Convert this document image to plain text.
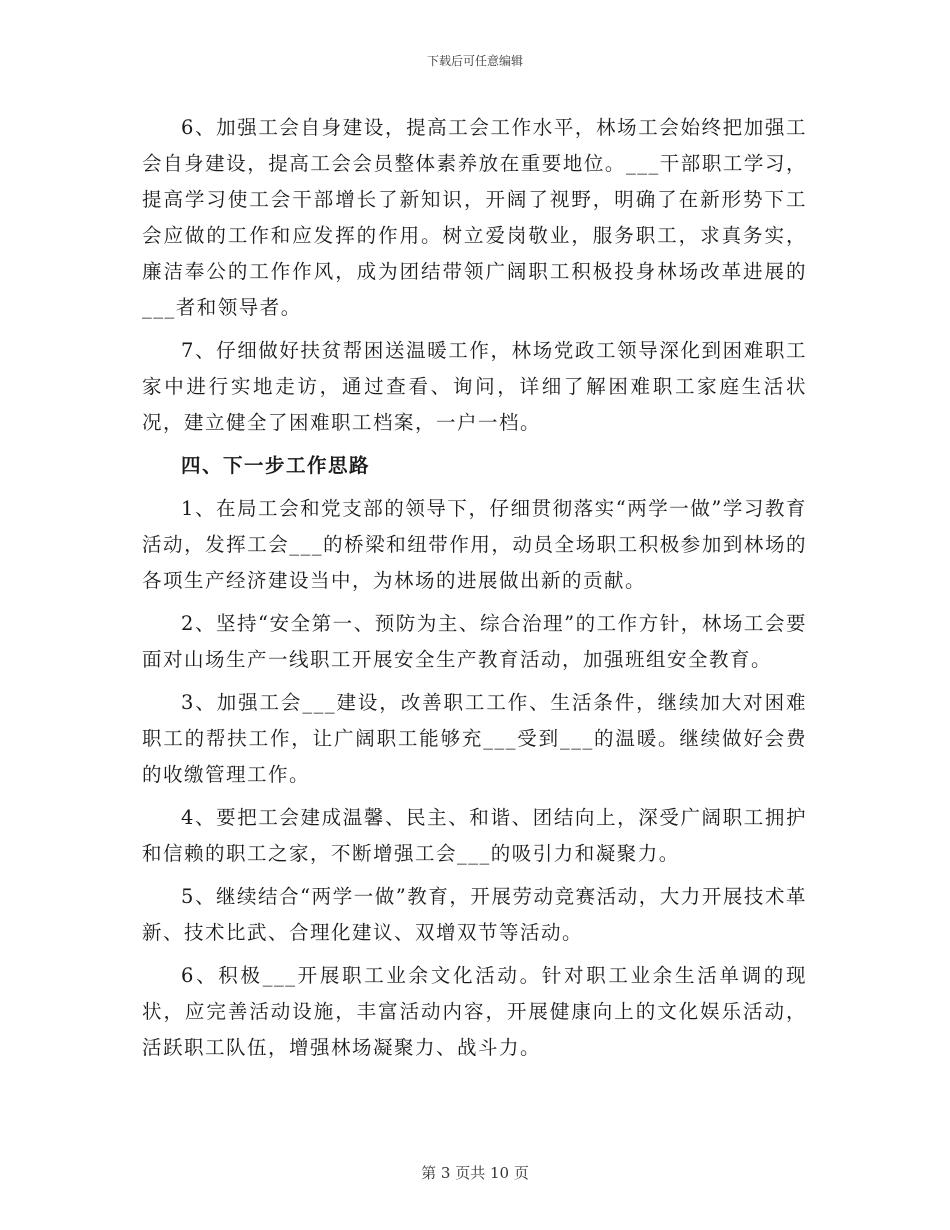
下载后可任意编辑

6、加强工会自身建设，提高工会工作水平，林场工会始终把加强工会自身建设，提高工会会员整体素养放在重要地位。___干部职工学习，提高学习使工会干部增长了新知识，开阔了视野，明确了在新形势下工会应做的工作和应发挥的作用。树立爱岗敬业，服务职工，求真务实，廉洁奉公的工作作风，成为团结带领广阔职工积极投身林场改革进展的___者和领导者。

7、仔细做好扶贫帮困送温暖工作，林场党政工领导深化到困难职工家中进行实地走访，通过查看、询问，详细了解困难职工家庭生活状况，建立健全了困难职工档案，一户一档。

四、下一步工作思路

1、在局工会和党支部的领导下，仔细贯彻落实“两学一做”学习教育活动，发挥工会___的桥梁和纽带作用，动员全场职工积极参加到林场的各项生产经济建设当中，为林场的进展做出新的贡献。

2、坚持“安全第一、预防为主、综合治理”的工作方针，林场工会要面对山场生产一线职工开展安全生产教育活动，加强班组安全教育。

3、加强工会___建设，改善职工工作、生活条件，继续加大对困难职工的帮扶工作，让广阔职工能够充___受到___的温暖。继续做好会费的收缴管理工作。

4、要把工会建成温馨、民主、和谐、团结向上，深受广阔职工拥护和信赖的职工之家，不断增强工会___的吸引力和凝聚力。

5、继续结合“两学一做”教育，开展劳动竞赛活动，大力开展技术革新、技术比武、合理化建议、双增双节等活动。

6、积极___开展职工业余文化活动。针对职工业余生活单调的现状，应完善活动设施，丰富活动内容，开展健康向上的文化娱乐活动，活跃职工队伍，增强林场凝聚力、战斗力。

第 3 页共 10 页
